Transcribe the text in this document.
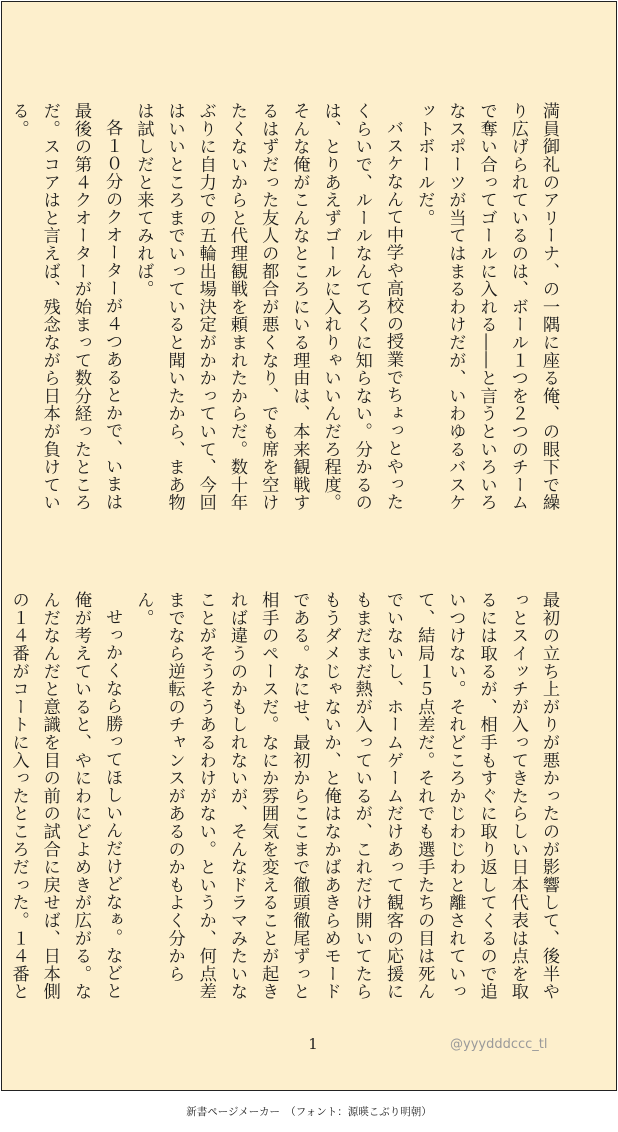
満員御礼のアリーナ、の一隅に座る俺、の眼下で繰り広げられているのは、ボール１つを２つのチームで奪い合ってゴールに入れる――と言うといろいろなスポーツが当てはまるわけだが、いわゆるバスケットボールだ。

バスケなんて中学や高校の授業でちょっとやったくらいで、ルールなんてろくに知らない。分かるのは、とりあえずゴールに入れりゃいいんだろ程度。そんな俺がこんなところにいる理由は、本来観戦するはずだった友人の都合が悪くなり、でも席を空けたくないからと代理観戦を頼まれたからだ。数十年ぶりに自力での五輪出場決定がかかっていて、今回はいいところまでいっていると聞いたから、まあ物は試しだと来てみれば。

各１０分のクオーターが４つあるとかで、いまは最後の第４クオーターが始まって数分経ったところだ。スコアはと言えば、残念ながら日本が負けている。

最初の立ち上がりが悪かったのが影響して、後半やっとスイッチが入ってきたらしい日本代表は点を取るには取るが、相手もすぐに取り返してくるので追いつけない。それどころかじわじわと離されていって、結局１５点差だ。それでも選手たちの目は死んでいないし、ホームゲームだけあって観客の応援にもまだまだ熱が入っているが、これだけ開いてたらもうダメじゃないか、と俺はなかばあきらめモードである。なにせ、最初からここまで徹頭徹尾ずっと相手のペースだ。なにか雰囲気を変えることが起きれば違うのかもしれないが、そんなドラマみたいなことがそうそうあるわけがない。というか、何点差までなら逆転のチャンスがあるのかもよく分からん。

せっかくなら勝ってほしいんだけどなぁ。などと俺が考えていると、やにわにどよめきが広がる。なんだなんだと意識を目の前の試合に戻せば、日本側の１４番がコートに入ったところだった。１４番と

1	@yyydddccc_tl
新書ページメーカー　（フォント：源暎こぶり明朝）
